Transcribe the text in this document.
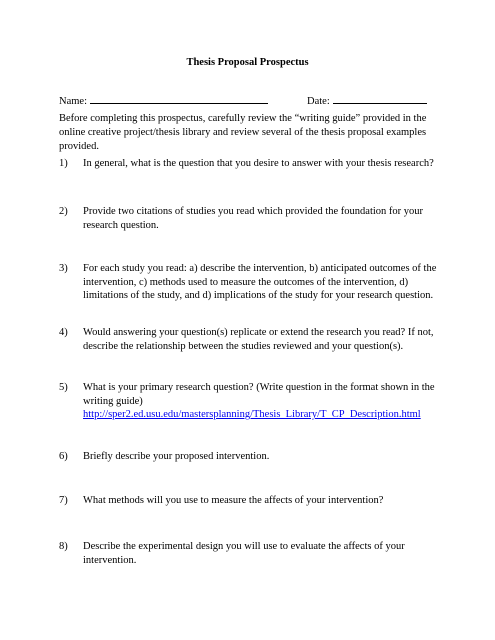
Thesis Proposal Prospectus
Name:	Date:
Before completing this prospectus, carefully review the “writing guide” provided in the online creative project/thesis library and review several of the thesis proposal examples provided.
1) In general, what is the question that you desire to answer with your thesis research?
2) Provide two citations of studies you read which provided the foundation for your research question.
3) For each study you read: a) describe the intervention, b) anticipated outcomes of the intervention, c) methods used to measure the outcomes of the intervention, d) limitations of the study, and d) implications of the study for your research question.
4) Would answering your question(s) replicate or extend the research you read? If not, describe the relationship between the studies reviewed and your question(s).
5) What is your primary research question? (Write question in the format shown in the writing guide)
http://sper2.ed.usu.edu/mastersplanning/Thesis_Library/T_CP_Description.html
6) Briefly describe your proposed intervention.
7) What methods will you use to measure the affects of your intervention?
8) Describe the experimental design you will use to evaluate the affects of your intervention.
